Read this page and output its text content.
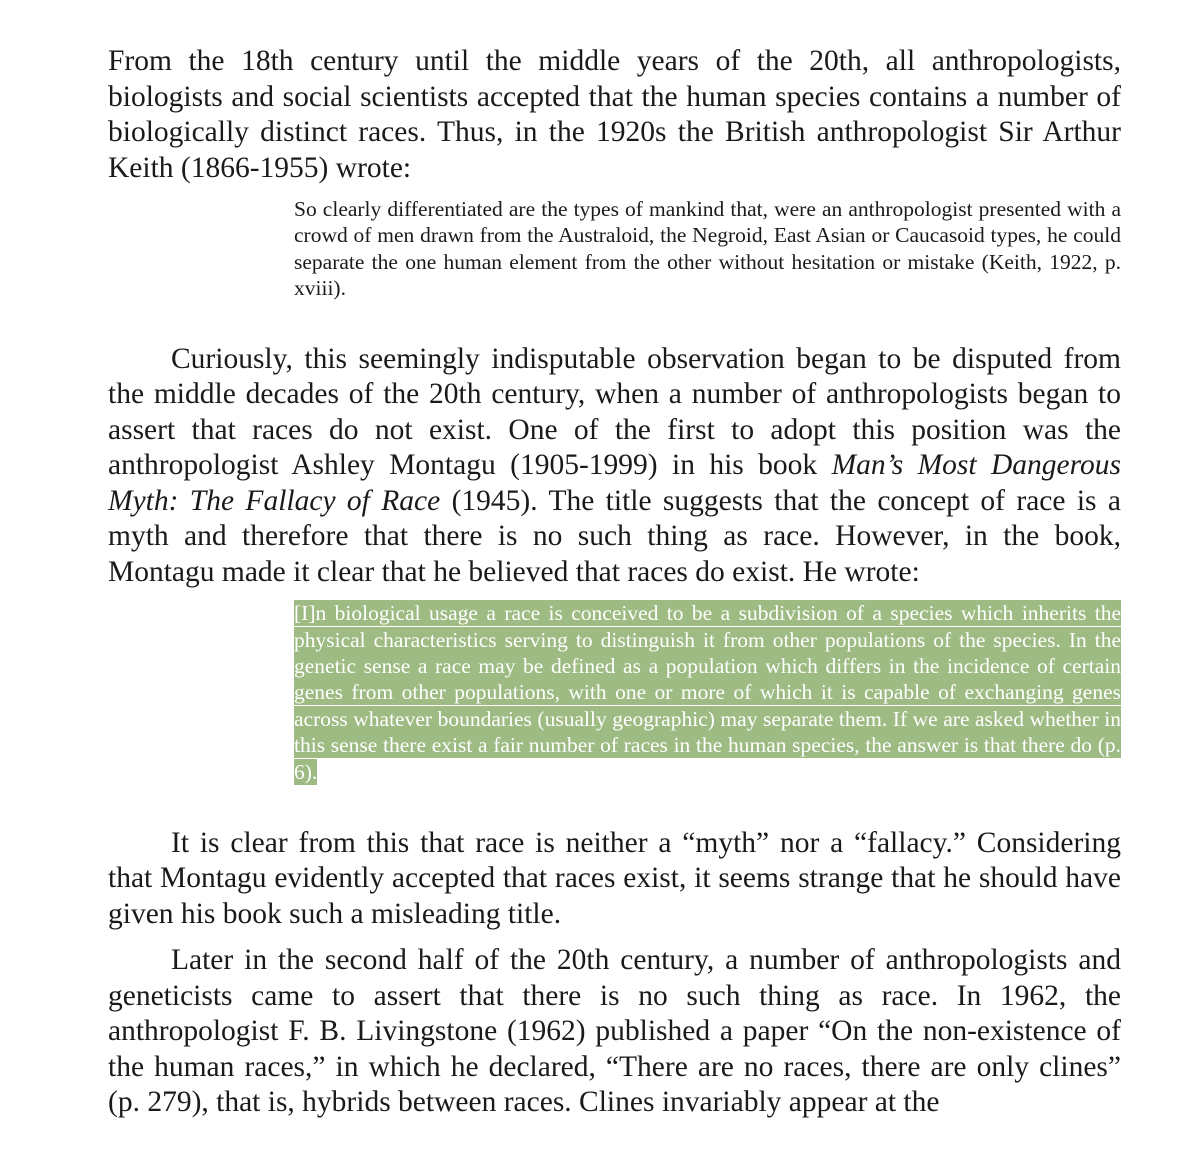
From the 18th century until the middle years of the 20th, all anthropologists, biologists and social scientists accepted that the human species contains a number of biologically distinct races. Thus, in the 1920s the British anthropologist Sir Arthur Keith (1866-1955) wrote:

So clearly differentiated are the types of mankind that, were an anthropologist presented with a crowd of men drawn from the Australoid, the Negroid, East Asian or Caucasoid types, he could separate the one human element from the other without hesitation or mistake (Keith, 1922, p. xviii).

Curiously, this seemingly indisputable observation began to be disputed from the middle decades of the 20th century, when a number of anthropologists began to assert that races do not exist. One of the first to adopt this position was the anthropologist Ashley Montagu (1905-1999) in his book Man’s Most Dangerous Myth: The Fallacy of Race (1945). The title suggests that the concept of race is a myth and therefore that there is no such thing as race. However, in the book, Montagu made it clear that he believed that races do exist. He wrote:

[I]n biological usage a race is conceived to be a subdivision of a species which inherits the physical characteristics serving to distinguish it from other populations of the species. In the genetic sense a race may be defined as a population which differs in the incidence of certain genes from other populations, with one or more of which it is capable of exchanging genes across whatever boundaries (usually geographic) may separate them. If we are asked whether in this sense there exist a fair number of races in the human species, the answer is that there do (p. 6).

It is clear from this that race is neither a “myth” nor a “fallacy.” Considering that Montagu evidently accepted that races exist, it seems strange that he should have given his book such a misleading title.

Later in the second half of the 20th century, a number of anthropologists and geneticists came to assert that there is no such thing as race. In 1962, the anthropologist F. B. Livingstone (1962) published a paper “On the non-existence of the human races,” in which he declared, “There are no races, there are only clines” (p. 279), that is, hybrids between races. Clines invariably appear at the
